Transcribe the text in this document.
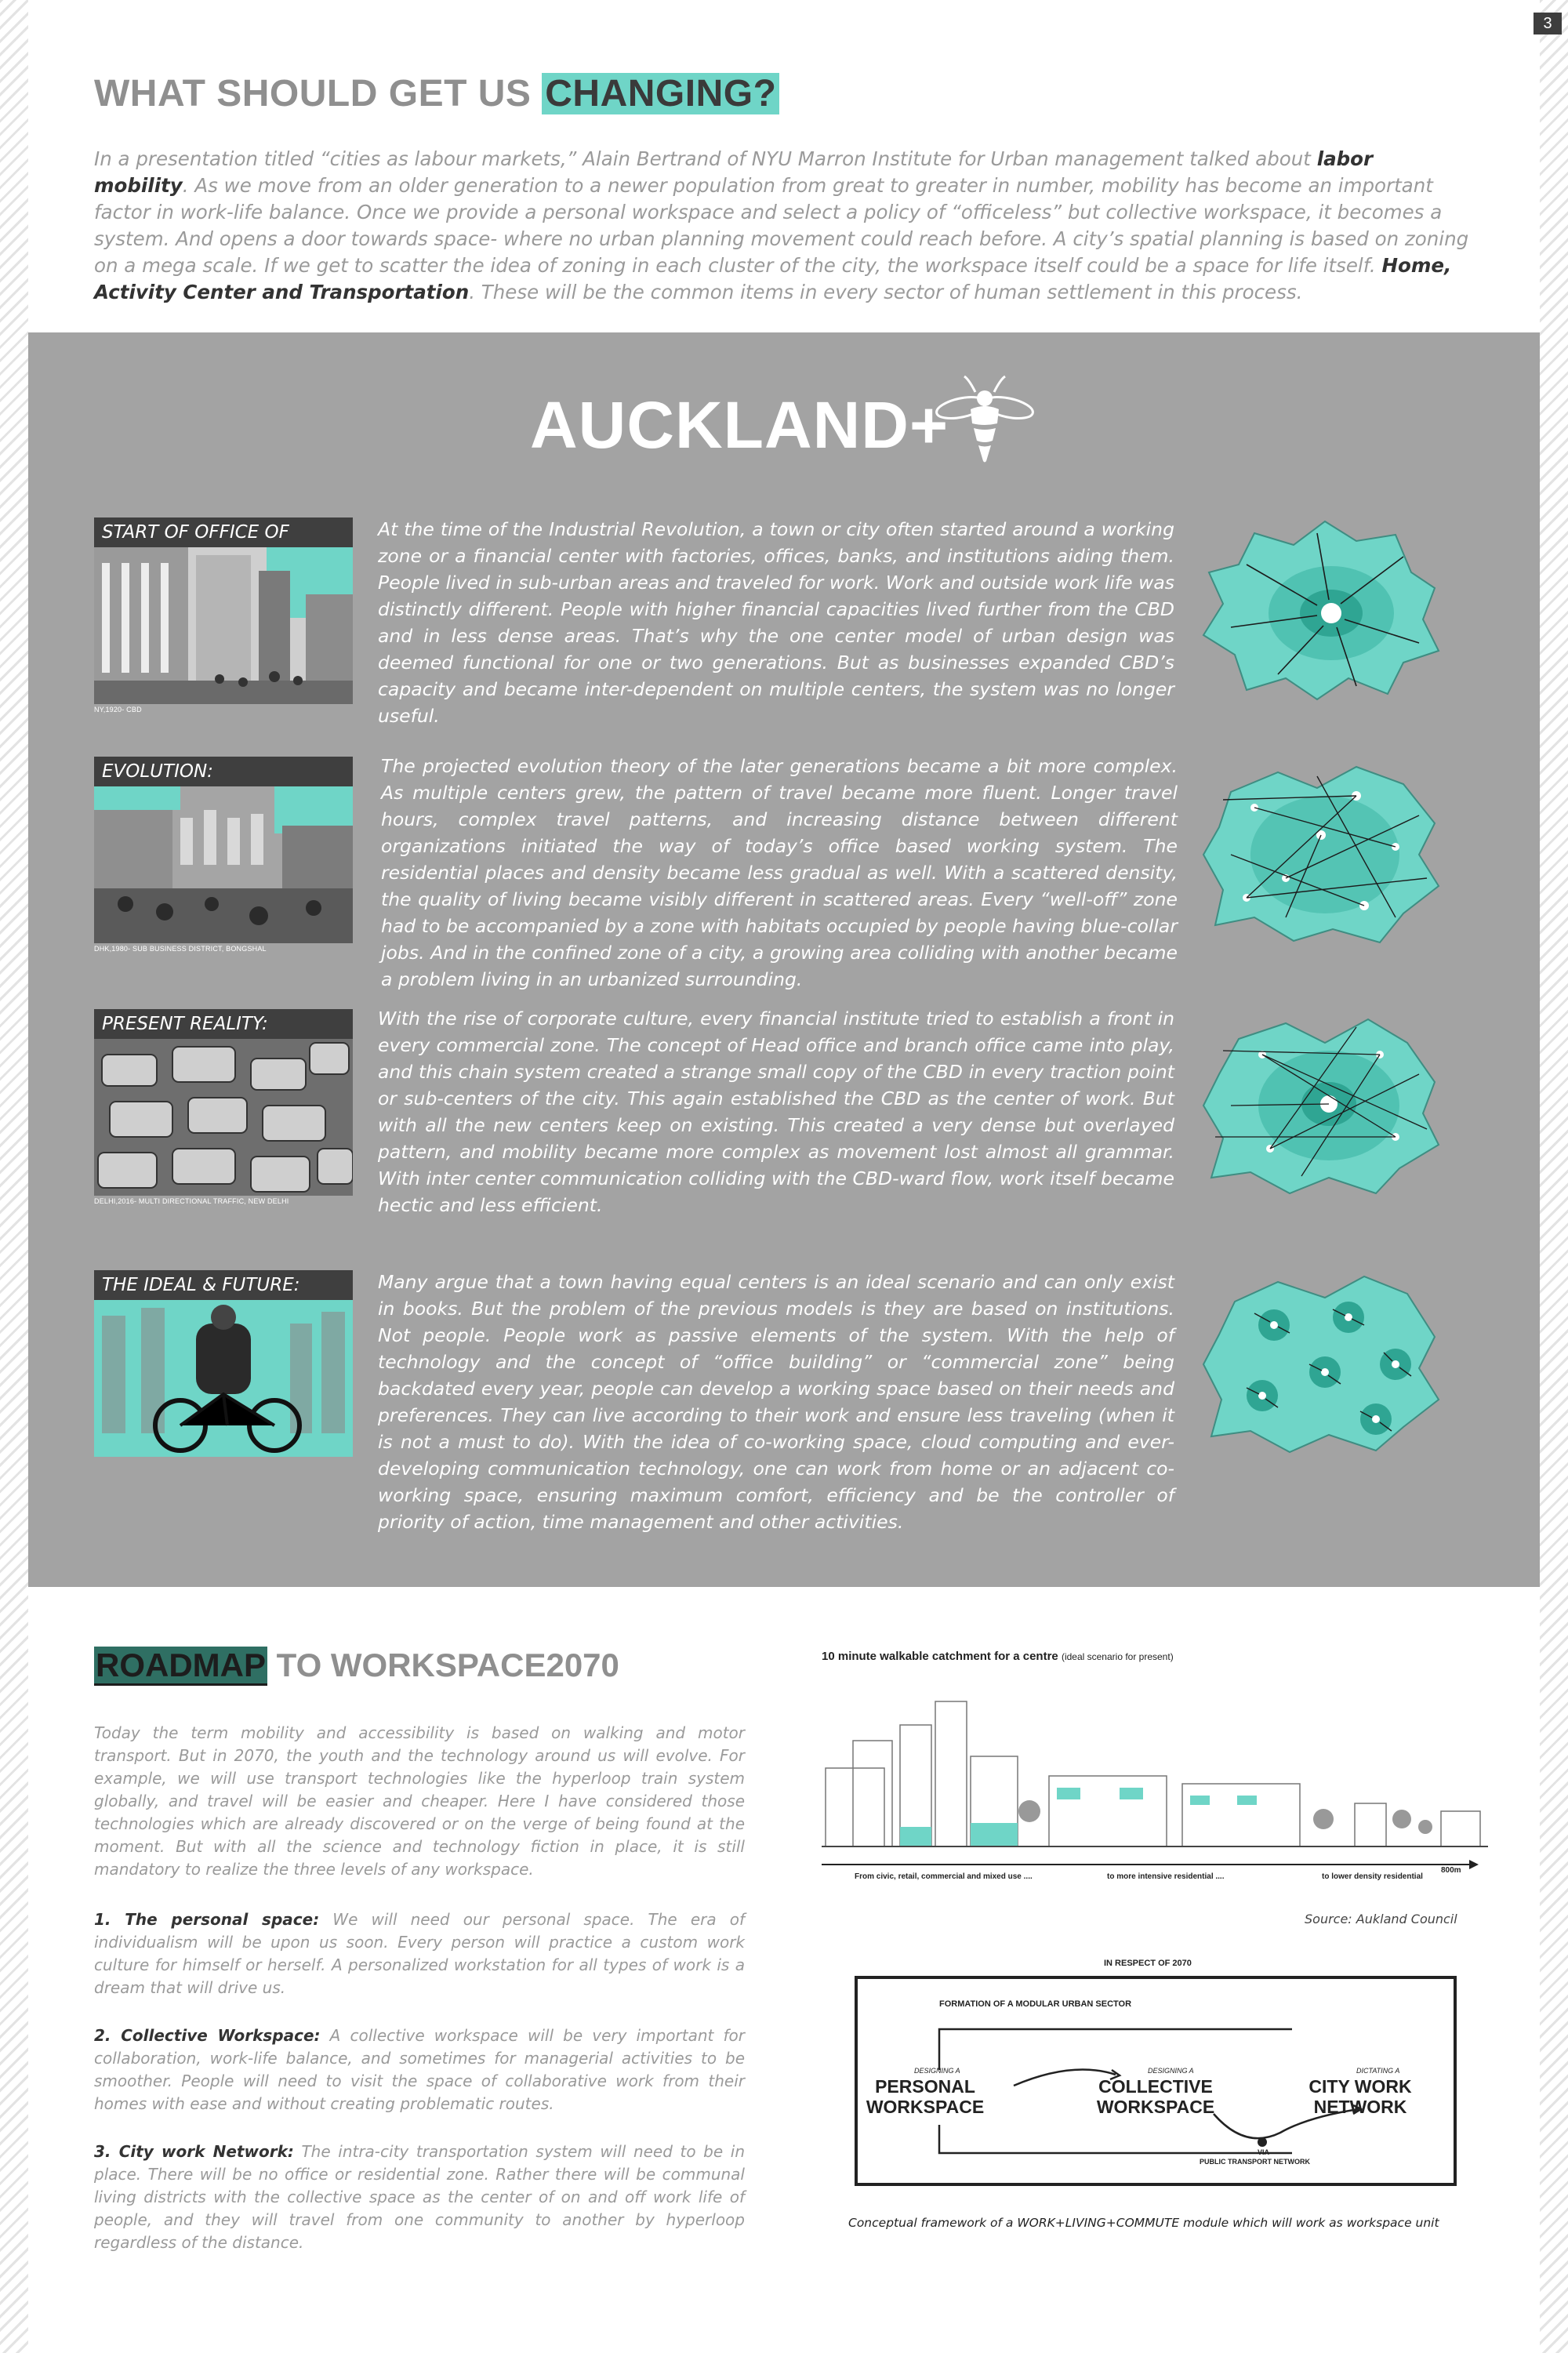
3
WHAT SHOULD GET US CHANGING?

In a presentation titled “cities as labour markets,” Alain Bertrand of NYU Marron Institute for Urban management talked about labor mobility. As we move from an older generation to a newer population from great to greater in number, mobility has become an important factor in work-life balance. Once we provide a personal workspace and select a policy of “officeless” but collective workspace, it becomes a system. And opens a door towards space- where no urban planning movement could reach before. A city’s spatial planning is based on zoning on a mega scale. If we get to scatter the idea of zoning in each cluster of the city, the workspace itself could be a space for life itself. Home, Activity Center and Transportation. These will be the common items in every sector of human settlement in this process.

AUCKLAND+
START OF OFFICE OF
NY,1920- CBD
At the time of the Industrial Revolution, a town or city often started around a working zone or a financial center with factories, offices, banks, and institutions aiding them. People lived in sub-urban areas and traveled for work. Work and outside work life was distinctly different. People with higher financial capacities lived further from the CBD and in less dense areas. That’s why the one center model of urban design was deemed functional for one or two generations. But as businesses expanded CBD’s capacity and became inter-dependent on multiple centers, the system was no longer useful.
EVOLUTION:
DHK,1980- SUB BUSINESS DISTRICT, BONGSHAL
The projected evolution theory of the later generations became a bit more complex. As multiple centers grew, the pattern of travel became more fluent. Longer travel hours, complex travel patterns, and increasing distance between different organizations initiated the way of today’s office based working system. The residential places and density became less gradual as well. With a scattered density, the quality of living became visibly different in scattered areas. Every “well-off” zone had to be accompanied by a zone with habitats occupied by people having blue-collar jobs. And in the confined zone of a city, a growing area colliding with another became a problem living in an urbanized surrounding.
PRESENT REALITY:
DELHI,2016- MULTI DIRECTIONAL TRAFFIC, NEW DELHI
With the rise of corporate culture, every financial institute tried to establish a front in every commercial zone. The concept of Head office and branch office came into play, and this chain system created a strange small copy of the CBD in every traction point or sub-centers of the city. This again established the CBD as the center of work. But with all the new centers keep on existing. This created a very dense but overlayed pattern, and mobility became more complex as movement lost almost all grammar. With inter center communication colliding with the CBD-ward flow, work itself became hectic and less efficient.
THE IDEAL & FUTURE:	Many argue that a town having equal centers is an ideal scenario and can only exist in books. But the problem of the previous models is they are based on institutions. Not people. People work as passive elements of the system. With the help of technology and the concept of “office building” or “commercial zone” being backdated every year, people can develop a working space based on their needs and preferences. They can live according to their work and ensure less traveling (when it is not a must to do). With the idea of co-working space, cloud computing and ever-developing communication technology, one can work from home or an adjacent co-working space, ensuring maximum comfort, efficiency and be the controller of priority of action, time management and other activities.
ROADMAP TO WORKSPACE2070

Today the term mobility and accessibility is based on walking and motor transport. But in 2070, the youth and the technology around us will evolve. For example, we will use transport technologies like the hyperloop train system globally, and travel will be easier and cheaper. Here I have considered those technologies which are already discovered or on the verge of being found at the moment. But with all the science and technology fiction in place, it is still mandatory to realize the three levels of any workspace.

1. The personal space: We will need our personal space. The era of individualism will be upon us soon. Every person will practice a custom work culture for himself or herself. A personalized workstation for all types of work is a dream that will drive us.

2. Collective Workspace: A collective workspace will be very important for collaboration, work-life balance, and sometimes for managerial activities to be smoother. People will need to visit the space of collaborative work from their homes with ease and without creating problematic routes.

3. City work Network: The intra-city transportation system will need to be in place. There will be no office or residential zone. Rather there will be communal living districts with the collective space as the center of on and off work life of people, and they will travel from one community to another by hyperloop regardless of the distance.

10 minute walkable catchment for a centre (ideal scenario for present)
From civic, retail, commercial and mixed use ....	to more intensive residential ....	to lower density residential
800m
Source: Aukland Council
IN RESPECT OF 2070
FORMATION OF A MODULAR URBAN SECTOR
DESIGNING A
PERSONAL
WORKSPACE
DESIGNING A
COLLECTIVE
WORKSPACE
DICTATING A
CITY WORK
NETWORK
VIA
PUBLIC TRANSPORT NETWORK
Conceptual framework of a WORK+LIVING+COMMUTE module which will work as workspace unit
